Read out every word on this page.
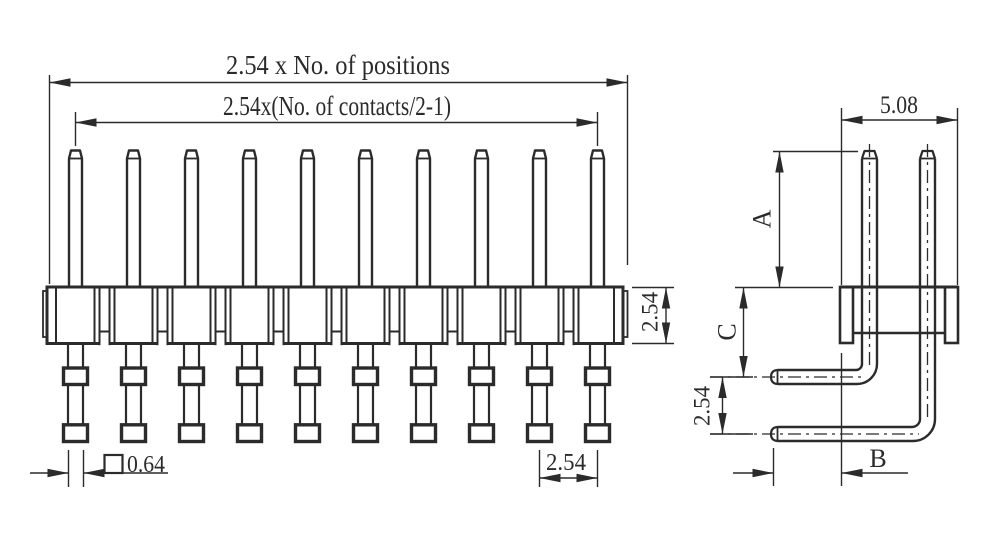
2.54 x No. of positions
2.54x(No. of contacts/2-1)
2.54
0.64	2.54
5.08
A
C
2.54
B
